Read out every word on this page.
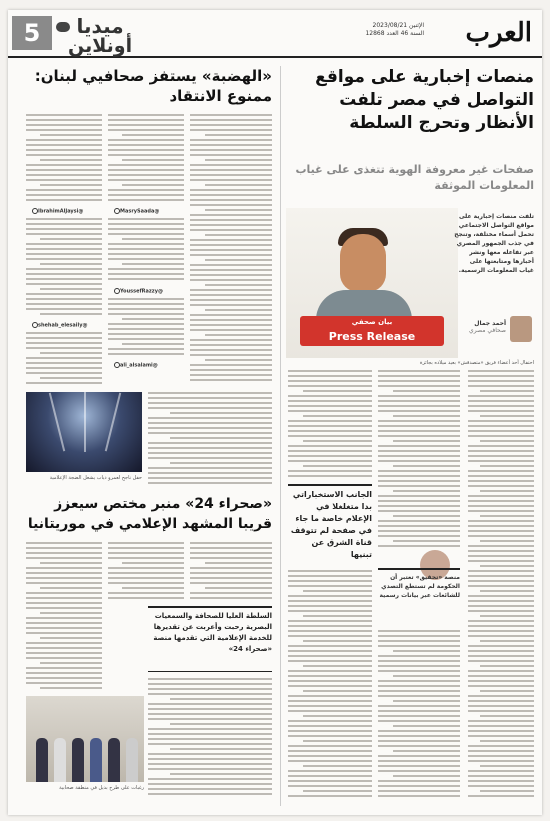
العرب
الإثنين 2023/08/21
السنة 46 العدد 12868
ميديا
أونلاين
5
منصات إخبارية على مواقع التواصل في مصر تلفت الأنظار وتحرج السلطة
صفحات غير معروفة الهوية تتغذى على غياب المعلومات الموثقة
بيان صحفي
Press Release
تلفت منصات إخبارية على مواقع التواصل الاجتماعي تحمل أسماء مختلفة، وتنجح في جذب الجمهور المصري عبر تفاعله معها ونشر أخبارها ومتابعتها على غياب المعلومات الرسمية.
أحمد جمال
صحافي مصري
احتفال أحد أعضاء فريق «متصدقش» بعيد ميلاده بجائزة
منصة «تحقيق» تعتبر أن الحكومة لم تستطع التصدي للشائعات عبر بيانات رسمية
الجانب الاستخباراتي بدا متغلغلا في الإعلام خاصة ما جاء في صفحة لم تتوقف قناة الشرق عن تبنيها
«الهضبة» يستفز صحافيي لبنان: ممنوع الانتقاد
@MasrySaada
@YoussefRazzy
@ali_alsalami
@IbrahimAlJaysi
@shehab_elesaily
حفل ناجح لعمرو دياب يشعل الضجة الإعلامية
«صحراء 24» منبر مختص سيعزز قريبا المشهد الإعلامي في موريتانيا
السلطة العليا للصحافة والسمعيات البصرية رحبت وأعربت عن تقديرها للخدمة الإعلامية التي تقدمها منصة «صحراء 24»
رغبات على طرح بديل في منطقة صحابية
